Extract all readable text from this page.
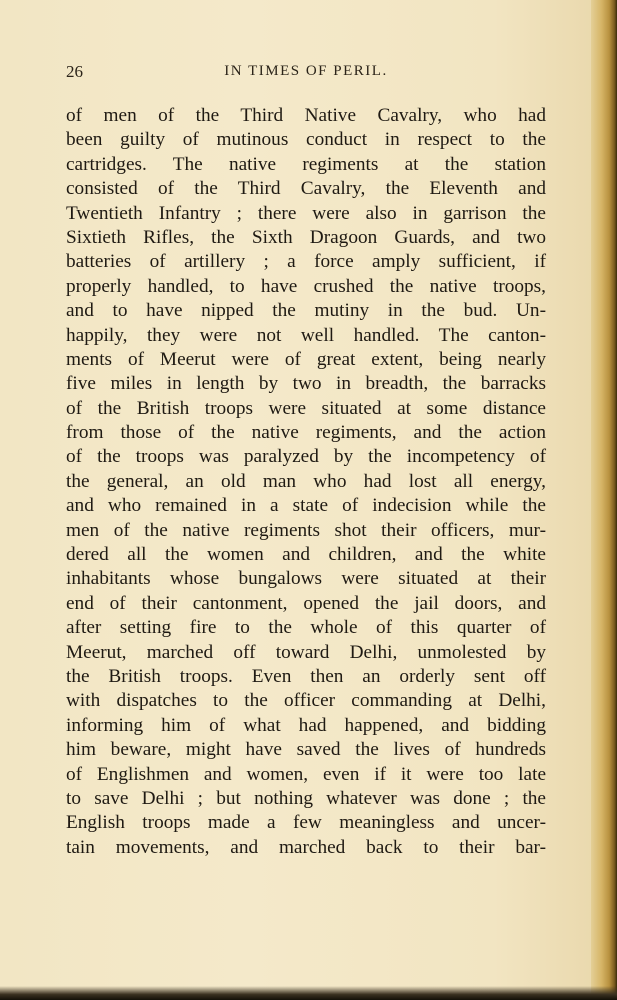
26	IN TIMES OF PERIL.
of men of the Third Native Cavalry, who had
been guilty of mutinous conduct in respect to the
cartridges. The native regiments at the station
consisted of the Third Cavalry, the Eleventh and
Twentieth Infantry ; there were also in garrison the
Sixtieth Rifles, the Sixth Dragoon Guards, and two
batteries of artillery ; a force amply sufficient, if
properly handled, to have crushed the native troops,
and to have nipped the mutiny in the bud. Un-
happily, they were not well handled. The canton-
ments of Meerut were of great extent, being nearly
five miles in length by two in breadth, the barracks
of the British troops were situated at some distance
from those of the native regiments, and the action
of the troops was paralyzed by the incompetency of
the general, an old man who had lost all energy,
and who remained in a state of indecision while the
men of the native regiments shot their officers, mur-
dered all the women and children, and the white
inhabitants whose bungalows were situated at their
end of their cantonment, opened the jail doors, and
after setting fire to the whole of this quarter of
Meerut, marched off toward Delhi, unmolested by
the British troops. Even then an orderly sent off
with dispatches to the officer commanding at Delhi,
informing him of what had happened, and bidding
him beware, might have saved the lives of hundreds
of Englishmen and women, even if it were too late
to save Delhi ; but nothing whatever was done ; the
English troops made a few meaningless and uncer-
tain movements, and marched back to their bar-
